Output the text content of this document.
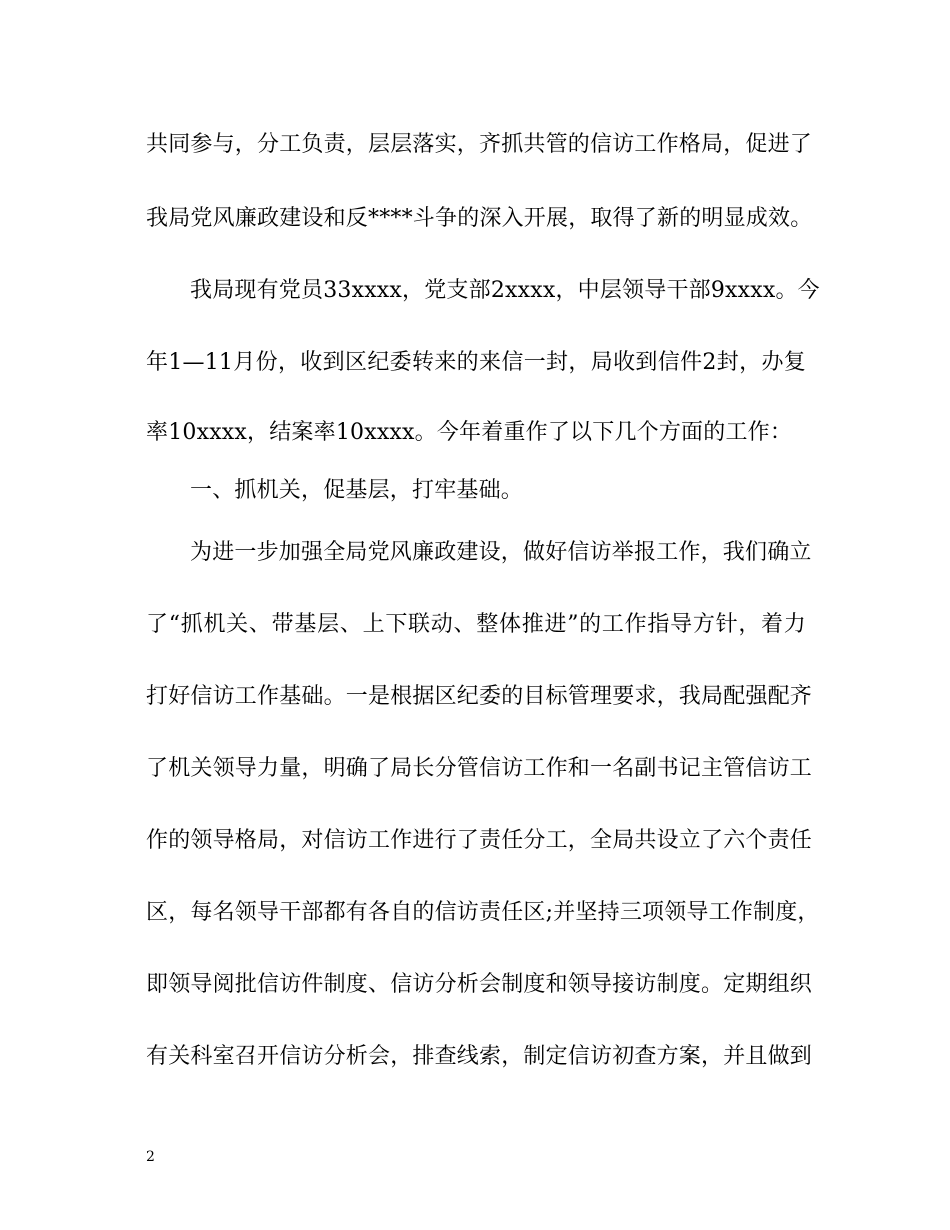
共同参与，分工负责，层层落实，齐抓共管的信访工作格局，促进了
我局党风廉政建设和反****斗争的深入开展，取得了新的明显成效。
我局现有党员33xxxx，党支部2xxxx，中层领导干部9xxxx。今
年1—11月份，收到区纪委转来的来信一封，局收到信件2封，办复
率10xxxx，结案率10xxxx。今年着重作了以下几个方面的工作：
一、抓机关，促基层，打牢基础。
为进一步加强全局党风廉政建设，做好信访举报工作，我们确立
了“抓机关、带基层、上下联动、整体推进”的工作指导方针，着力
打好信访工作基础。一是根据区纪委的目标管理要求，我局配强配齐
了机关领导力量，明确了局长分管信访工作和一名副书记主管信访工
作的领导格局，对信访工作进行了责任分工，全局共设立了六个责任
区，每名领导干部都有各自的信访责任区;并坚持三项领导工作制度，
即领导阅批信访件制度、信访分析会制度和领导接访制度。定期组织
有关科室召开信访分析会，排查线索，制定信访初查方案，并且做到
2
